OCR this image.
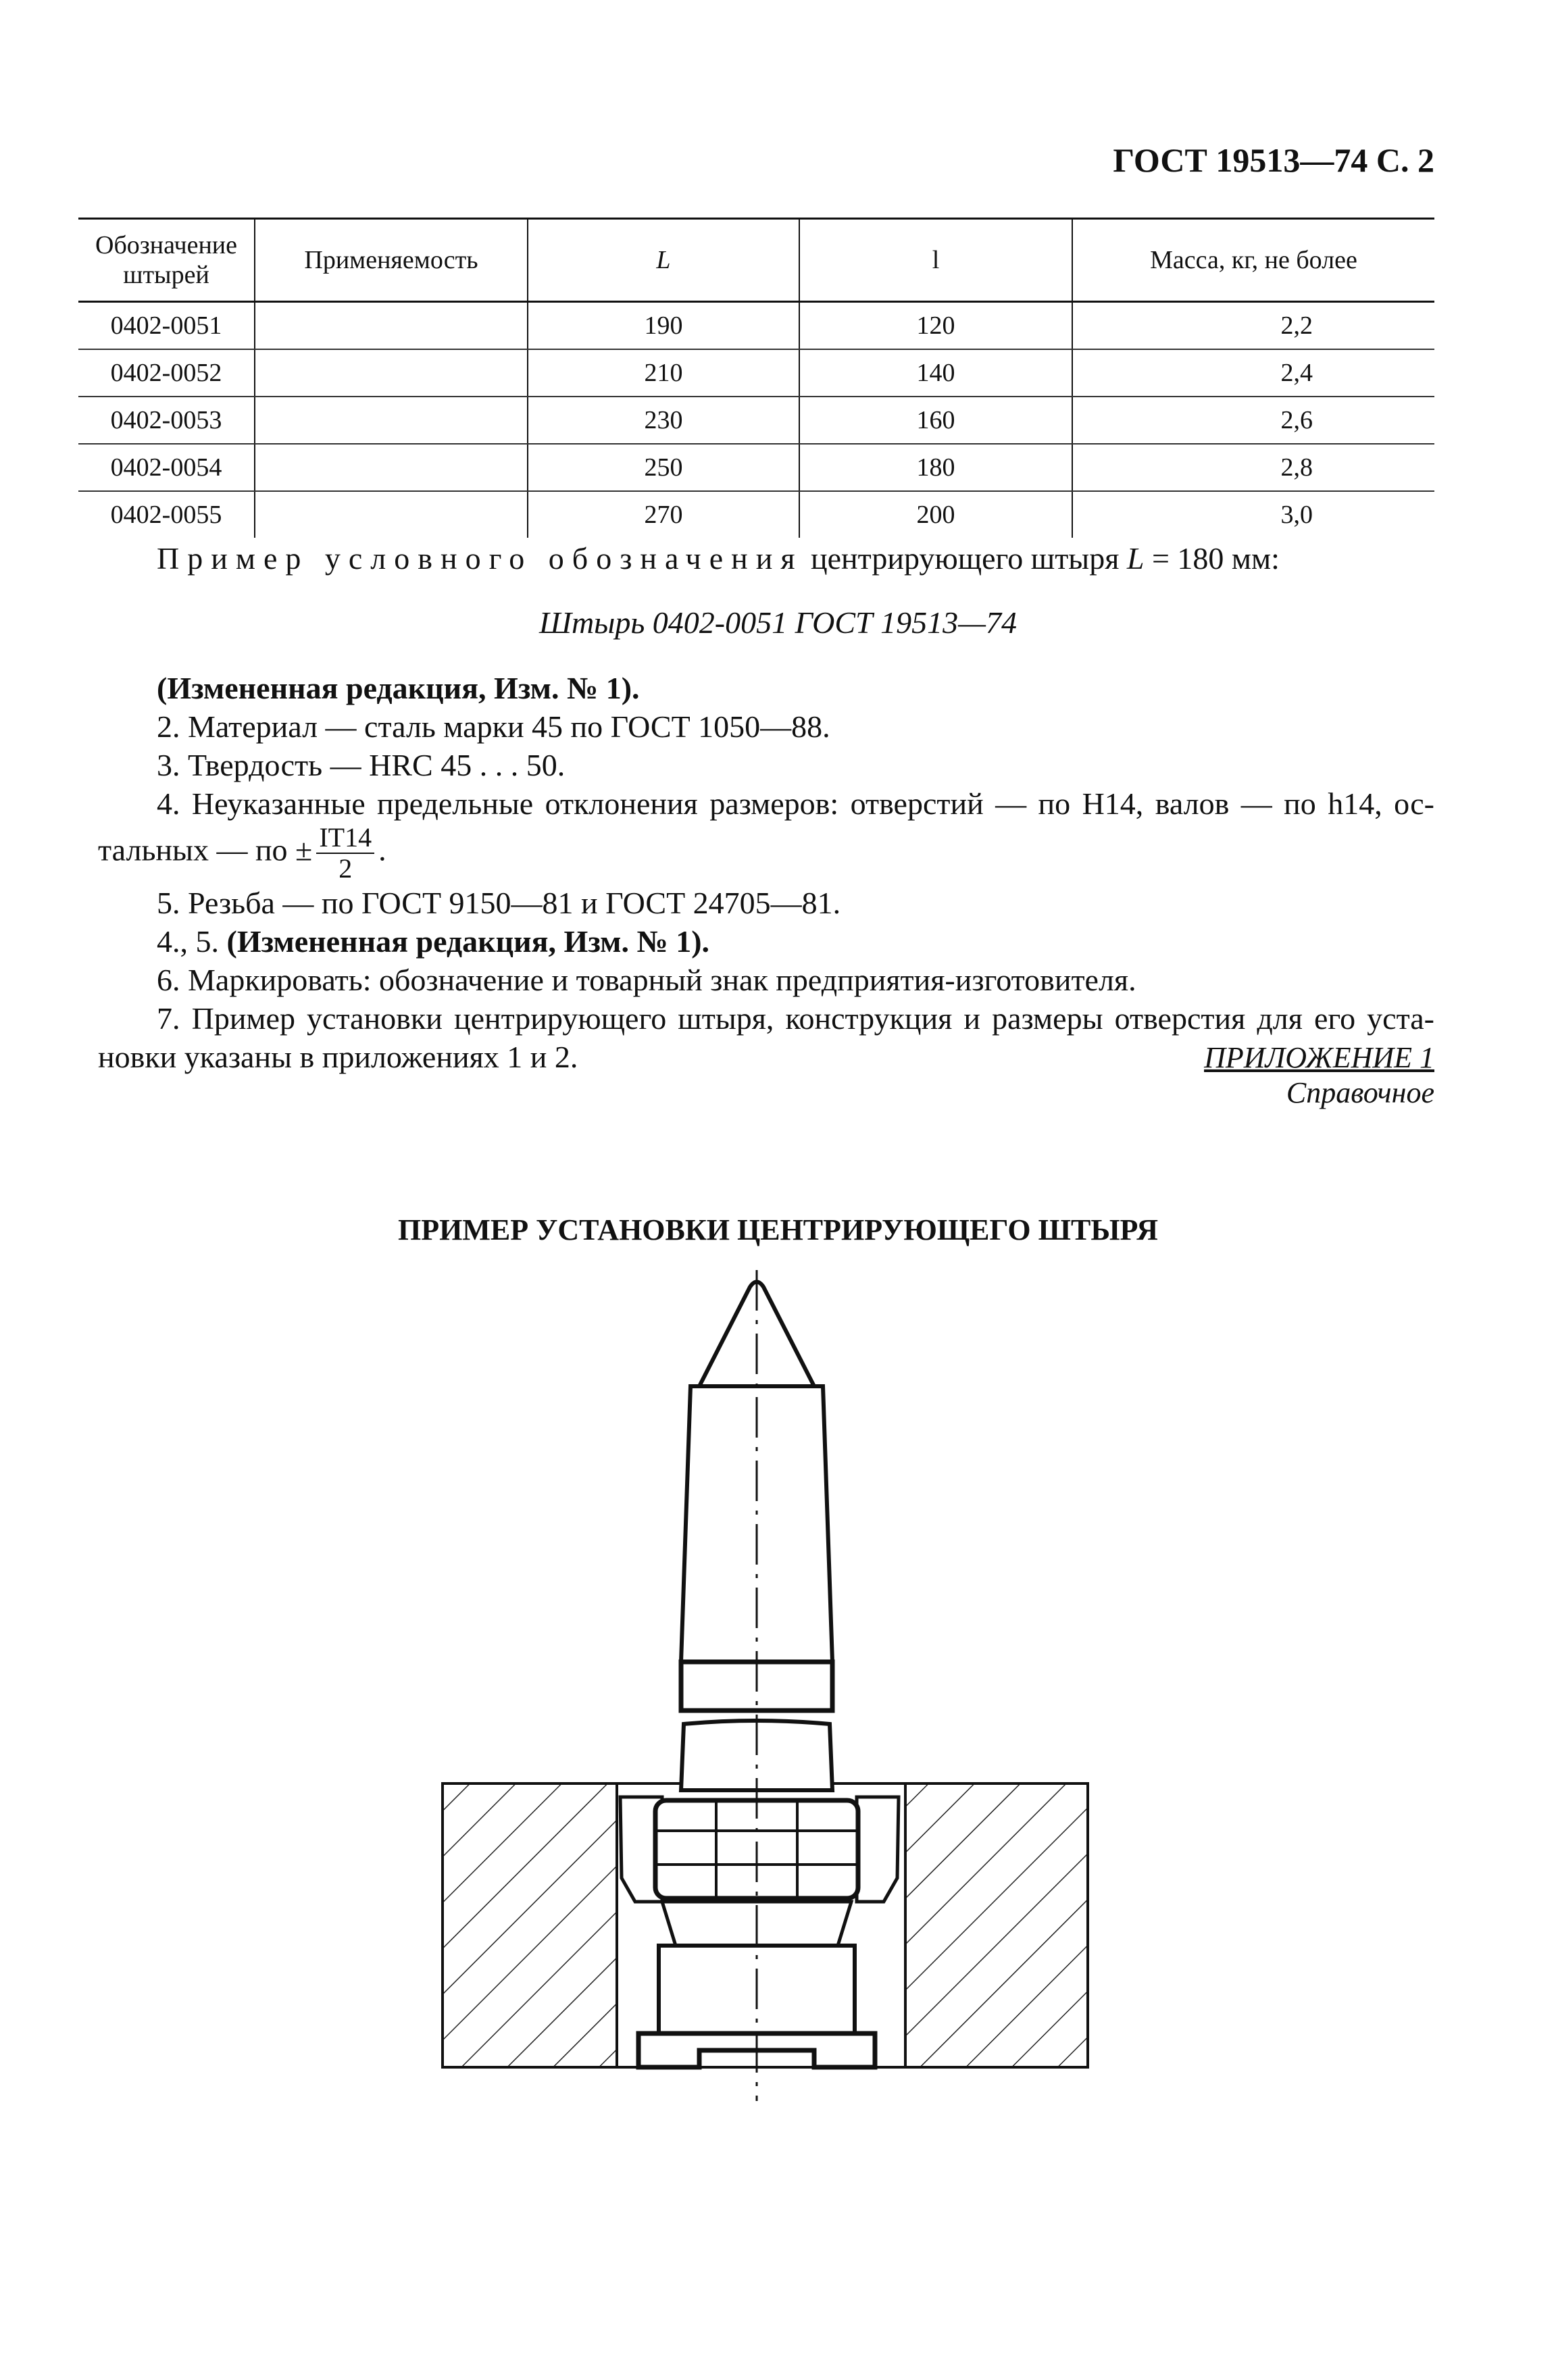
ГОСТ 19513—74 С. 2
Обозначение штырей	Применяемость	L	l	Масса, кг, не более
0402-0051		190	120	2,2
0402-0052		210	140	2,4
0402-0053		230	160	2,6
0402-0054		250	180	2,8
0402-0055		270	200	3,0
Пример условного обозначения центрирующего штыря L = 180 мм:
Штырь 0402-0051 ГОСТ 19513—74

(Измененная редакция, Изм. № 1).

2. Материал — сталь марки 45 по ГОСТ 1050—88.

3. Твердость — HRC 45 . . . 50.

4. Неуказанные предельные отклонения размеров: отверстий — по H14, валов — по h14, ос-

тальных — по ± $\frac{IT14}{2}$ .

5. Резьба — по ГОСТ 9150—81 и ГОСТ 24705—81.

4., 5. (Измененная редакция, Изм. № 1).

6. Маркировать: обозначение и товарный знак предприятия-изготовителя.

7. Пример установки центрирующего штыря, конструкция и размеры отверстия для его уста-

новки указаны в приложениях 1 и 2.	ПРИЛОЖЕНИЕ 1
Справочное
ПРИМЕР УСТАНОВКИ ЦЕНТРИРУЮЩЕГО ШТЫРЯ
